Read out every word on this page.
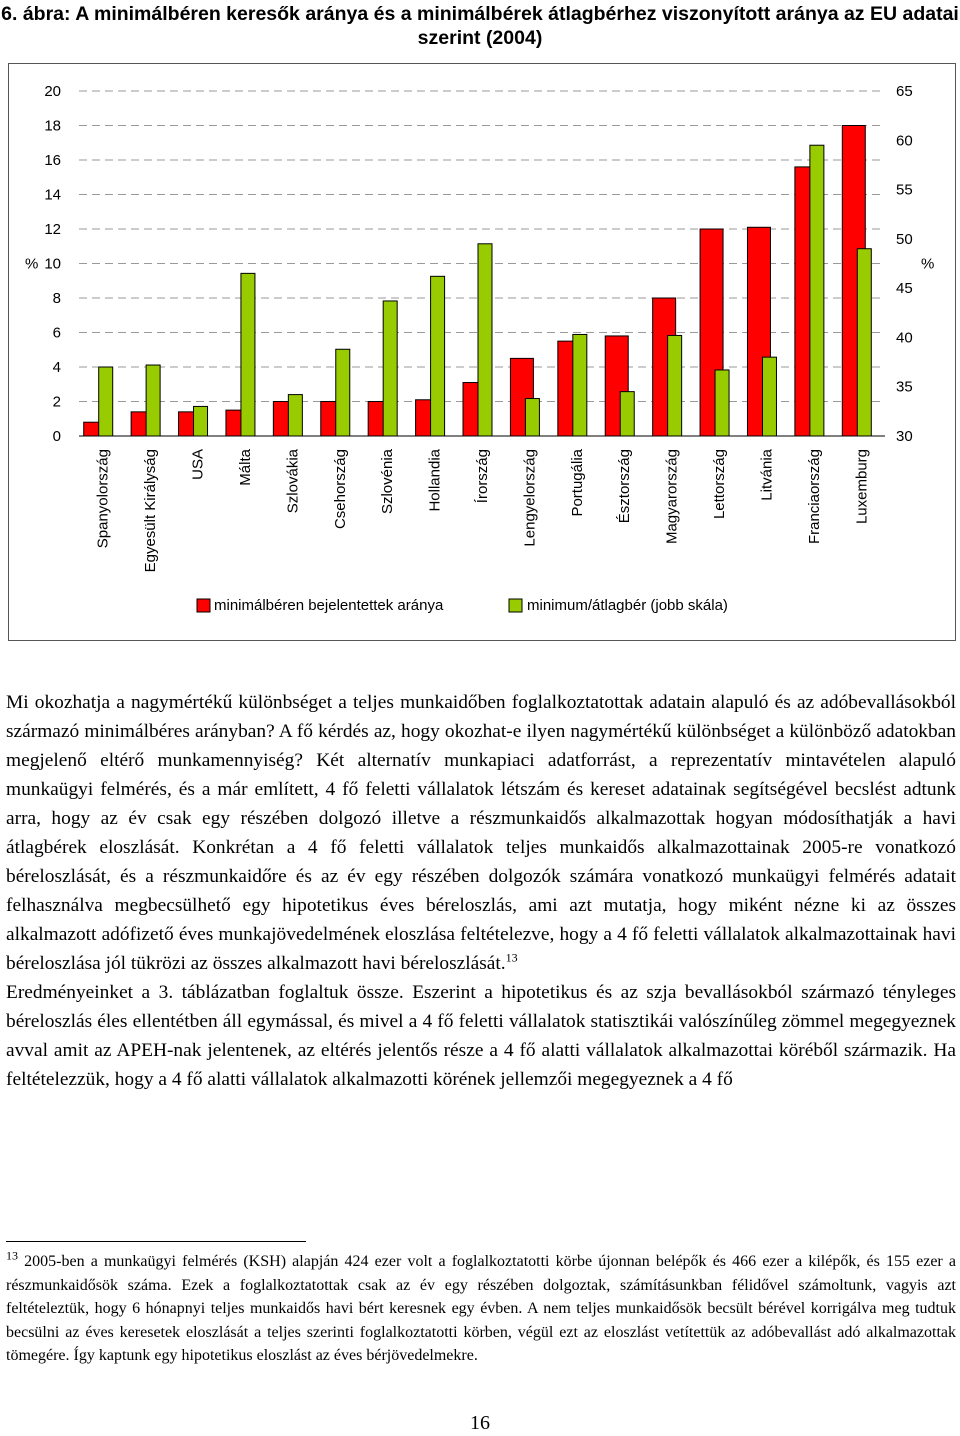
6. ábra: A minimálbéren keresők aránya és a minimálbérek átlagbérhez viszonyított aránya az EU adatai szerint (2004)
0
2
4
6
8
10
12
14
16
18
20
30
35
40
45
50
55
60
65
%	%
Spanyolország Egyesült Királyság USA Málta Szlovákia Csehország Szlovénia Hollandia Írország Lengyelország Portugália Észtország Magyarország Lettország Litvánia Franciaország Luxemburg
minimálbéren bejelentettek aránya	minimum/átlagbér (jobb skála)

Mi okozhatja a nagymértékű különbséget a teljes munkaidőben foglalkoztatottak adatain alapuló és az adóbevallásokból származó minimálbéres arányban? A fő kérdés az, hogy okozhat-e ilyen nagymértékű különbséget a különböző adatokban megjelenő eltérő munkamennyiség? Két alternatív munkapiaci adatforrást, a reprezentatív mintavételen alapuló munkaügyi felmérés, és a már említett, 4 fő feletti vállalatok létszám és kereset adatainak segítségével becslést adtunk arra, hogy az év csak egy részében dolgozó illetve a részmunkaidős alkalmazottak hogyan módosíthatják a havi átlagbérek eloszlását. Konkrétan a 4 fő feletti vállalatok teljes munkaidős alkalmazottainak 2005-re vonatkozó béreloszlását, és a részmunkaidőre és az év egy részében dolgozók számára vonatkozó munkaügyi felmérés adatait felhasználva megbecsülhető egy hipotetikus éves béreloszlás, ami azt mutatja, hogy miként nézne ki az összes alkalmazott adófizető éves munkajövedelmének eloszlása feltételezve, hogy a 4 fő feletti vállalatok alkalmazottainak havi béreloszlása jól tükrözi az összes alkalmazott havi béreloszlását.$^{13}$

Eredményeinket a 3. táblázatban foglaltuk össze. Eszerint a hipotetikus és az szja bevallásokból származó tényleges béreloszlás éles ellentétben áll egymással, és mivel a 4 fő feletti vállalatok statisztikái valószínűleg zömmel megegyeznek avval amit az APEH-nak jelentenek, az eltérés jelentős része a 4 fő alatti vállalatok alkalmazottai köréből származik. Ha feltételezzük, hogy a 4 fő alatti vállalatok alkalmazotti körének jellemzői megegyeznek a 4 fő

$^{13}$ 2005-ben a munkaügyi felmérés (KSH) alapján 424 ezer volt a foglalkoztatotti körbe újonnan belépők és 466 ezer a kilépők, és 155 ezer a részmunkaidősök száma. Ezek a foglalkoztatottak csak az év egy részében dolgoztak, számításunkban félidővel számoltunk, vagyis azt feltételeztük, hogy 6 hónapnyi teljes munkaidős havi bért keresnek egy évben. A nem teljes munkaidősök becsült bérével korrigálva meg tudtuk becsülni az éves keresetek eloszlását a teljes szerinti foglalkoztatotti körben, végül ezt az eloszlást vetítettük az adóbevallást adó alkalmazottak tömegére. Így kaptunk egy hipotetikus eloszlást az éves bérjövedelmekre.
16
